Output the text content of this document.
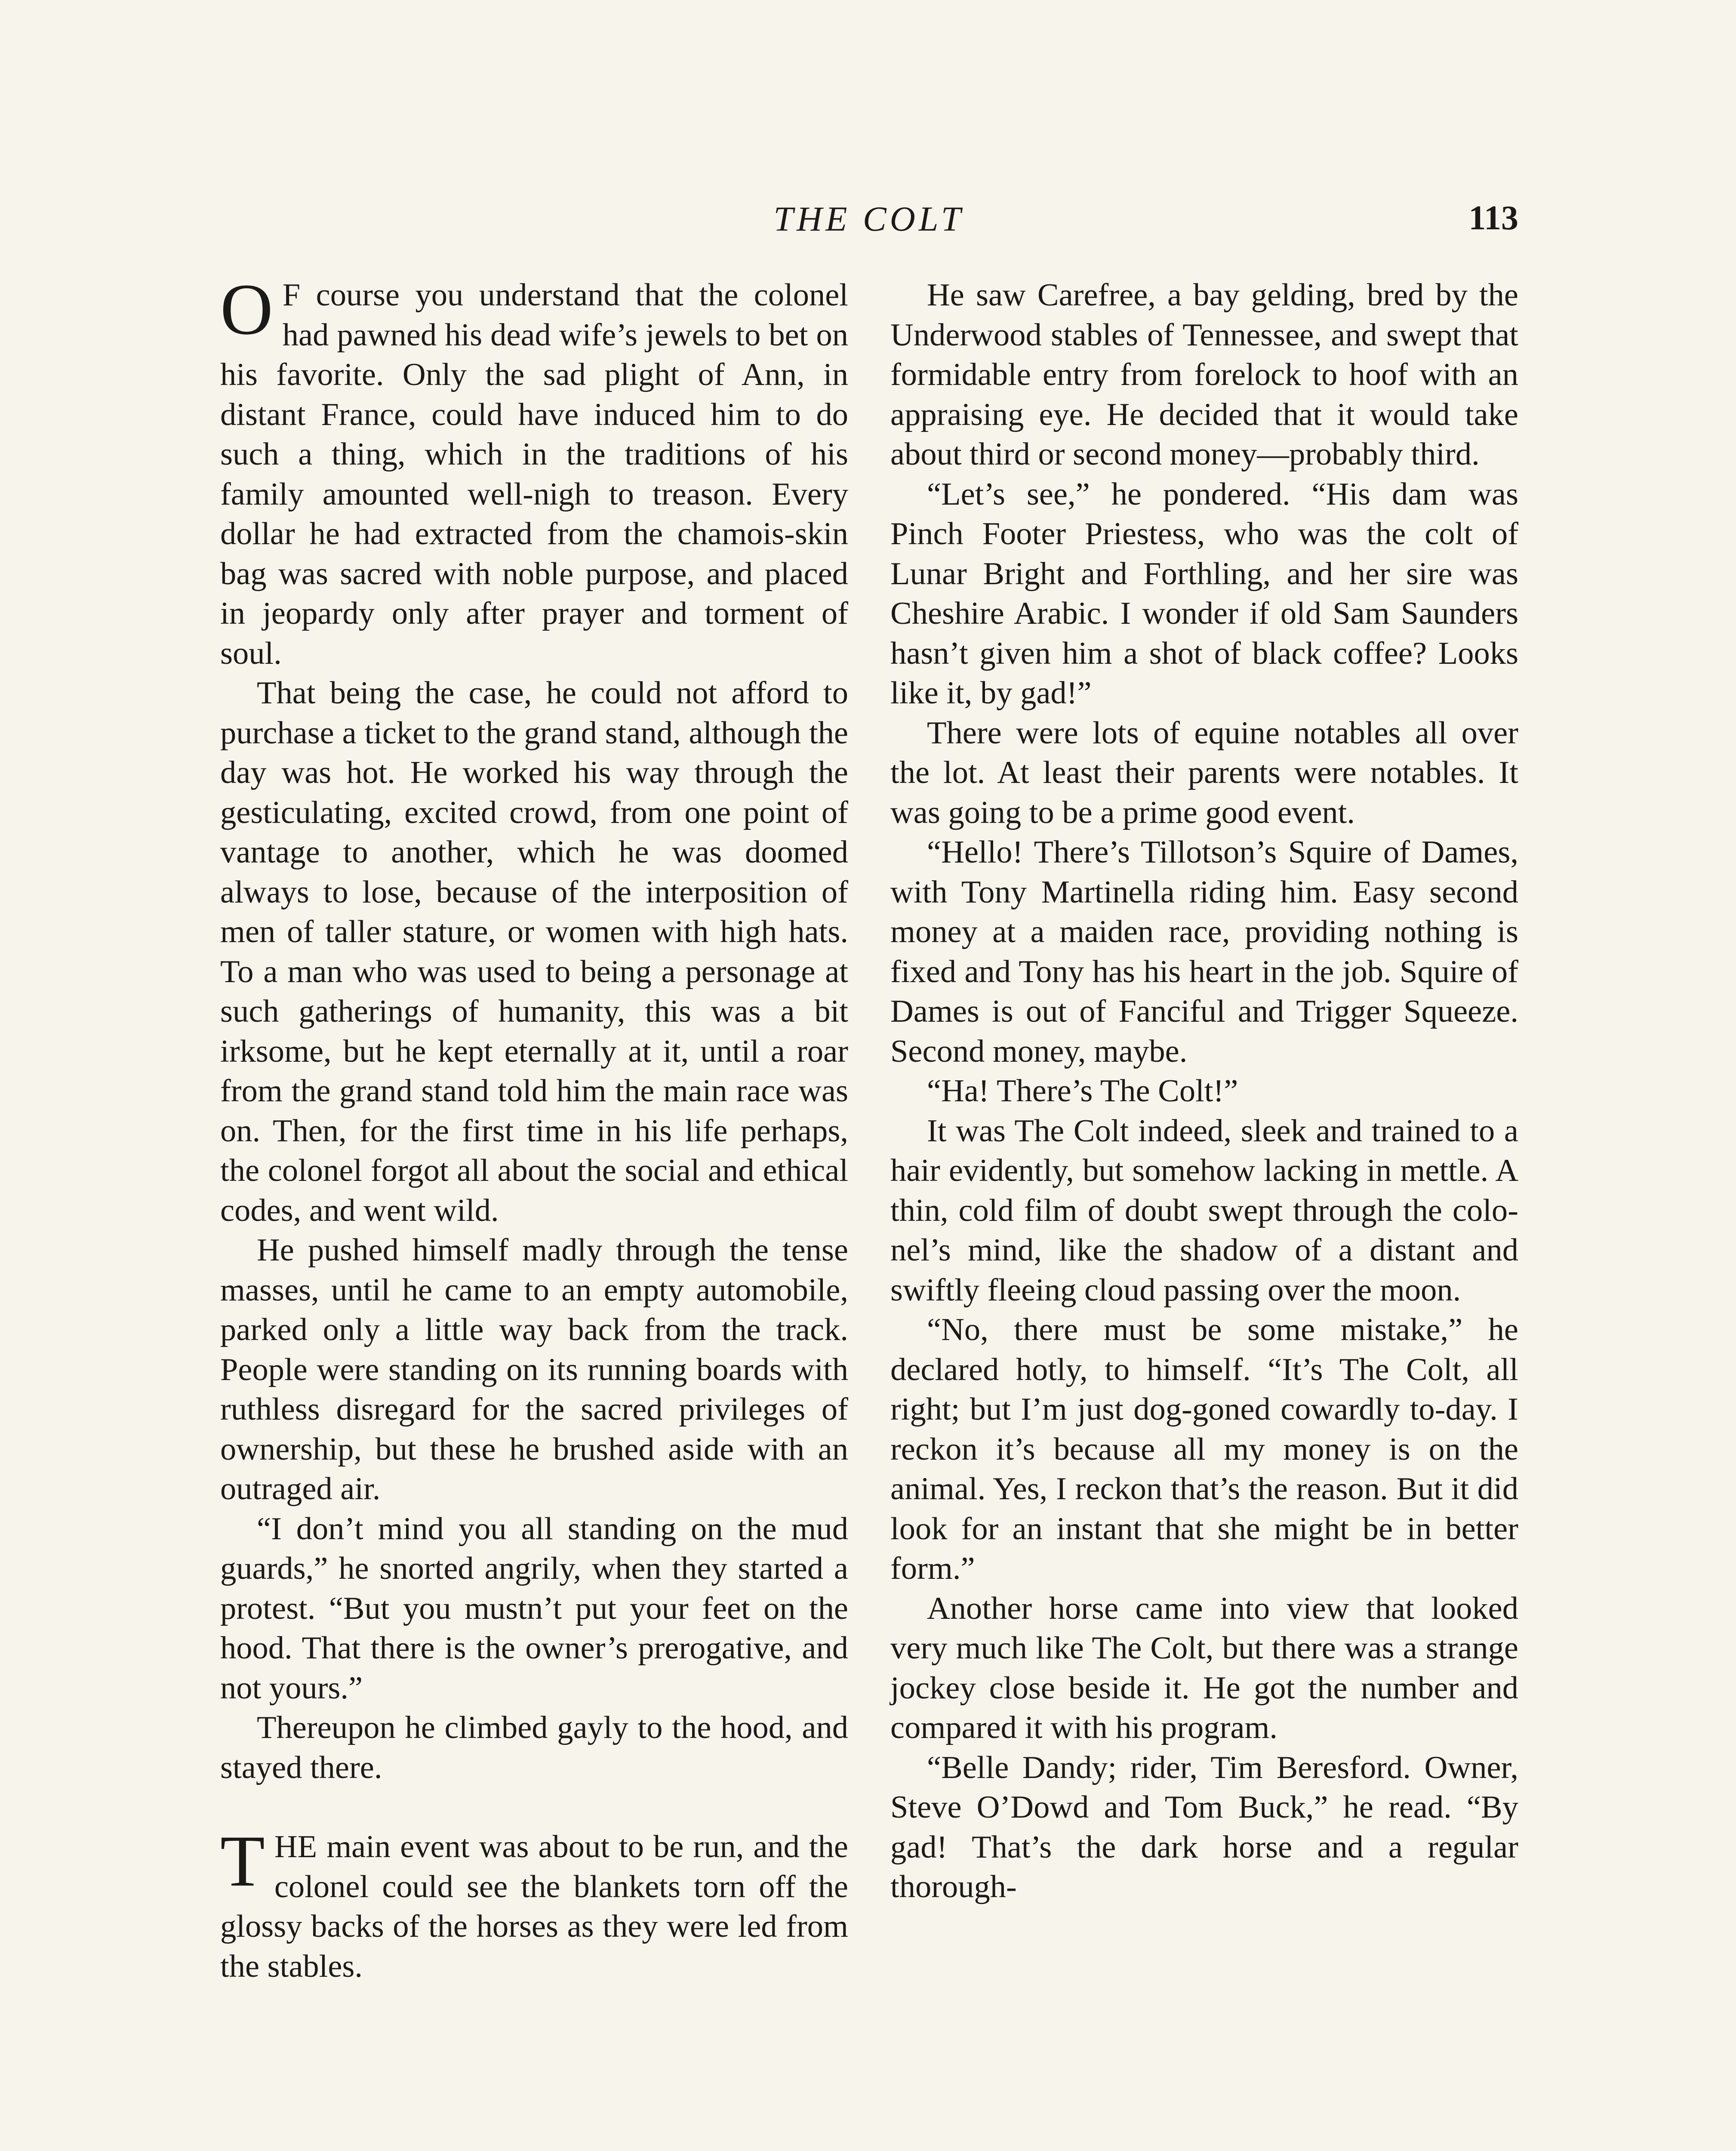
THE COLT	113

O F course you understand that the colonel had pawned his dead wife’s jewels to bet on his favorite. Only the sad plight of Ann, in distant France, could have induced him to do such a thing, which in the traditions of his family amounted well-nigh to treason. Every dollar he had extracted from the chamois-skin bag was sacred with noble purpose, and placed in jeopardy only after prayer and torment of soul.

That being the case, he could not afford to purchase a ticket to the grand stand, although the day was hot. He worked his way through the gesticulating, excited crowd, from one point of vantage to another, which he was doomed always to lose, because of the interposition of men of taller stature, or women with high hats. To a man who was used to being a personage at such gatherings of humanity, this was a bit irksome, but he kept eternally at it, until a roar from the grand stand told him the main race was on. Then, for the first time in his life perhaps, the colonel forgot all about the social and ethical codes, and went wild.

He pushed himself madly through the tense masses, until he came to an empty automobile, parked only a little way back from the track. People were standing on its running boards with ruthless disregard for the sacred privileges of ownership, but these he brushed aside with an outraged air.

“I don’t mind you all standing on the mud guards,” he snorted angrily, when they started a protest. “But you mustn’t put your feet on the hood. That there is the owner’s prerogative, and not yours.”

Thereupon he climbed gayly to the hood, and stayed there.

THE main event was about to be run, and the colonel could see the blankets torn off the glossy backs of the horses as they were led from the stables.

He saw Carefree, a bay gelding, bred by the Underwood stables of Tennessee, and swept that formidable entry from forelock to hoof with an appraising eye. He decided that it would take about third or second money—probably third.

“Let’s see,” he pondered. “His dam was Pinch Footer Priestess, who was the colt of Lunar Bright and Forthling, and her sire was Cheshire Arabic. I wonder if old Sam Saunders hasn’t given him a shot of black coffee? Looks like it, by gad!”

There were lots of equine notables all over the lot. At least their parents were notables. It was going to be a prime good event.

“Hello! There’s Tillotson’s Squire of Dames, with Tony Martinella riding him. Easy second money at a maiden race, providing nothing is fixed and Tony has his heart in the job. Squire of Dames is out of Fanciful and Trigger Squeeze. Second money, maybe.

“Ha! There’s The Colt!”

It was The Colt indeed, sleek and trained to a hair evidently, but somehow lacking in mettle. A thin, cold film of doubt swept through the colonel’s mind, like the shadow of a distant and swiftly fleeing cloud passing over the moon.

“No, there must be some mistake,” he declared hotly, to himself. “It’s The Colt, all right; but I’m just dog-goned cowardly to-day. I reckon it’s because all my money is on the animal. Yes, I reckon that’s the reason. But it did look for an instant that she might be in better form.”

Another horse came into view that looked very much like The Colt, but there was a strange jockey close beside it. He got the number and compared it with his program.

“Belle Dandy; rider, Tim Beresford. Owner, Steve O’Dowd and Tom Buck,” he read. “By gad! That’s the dark horse and a regular thorough-
